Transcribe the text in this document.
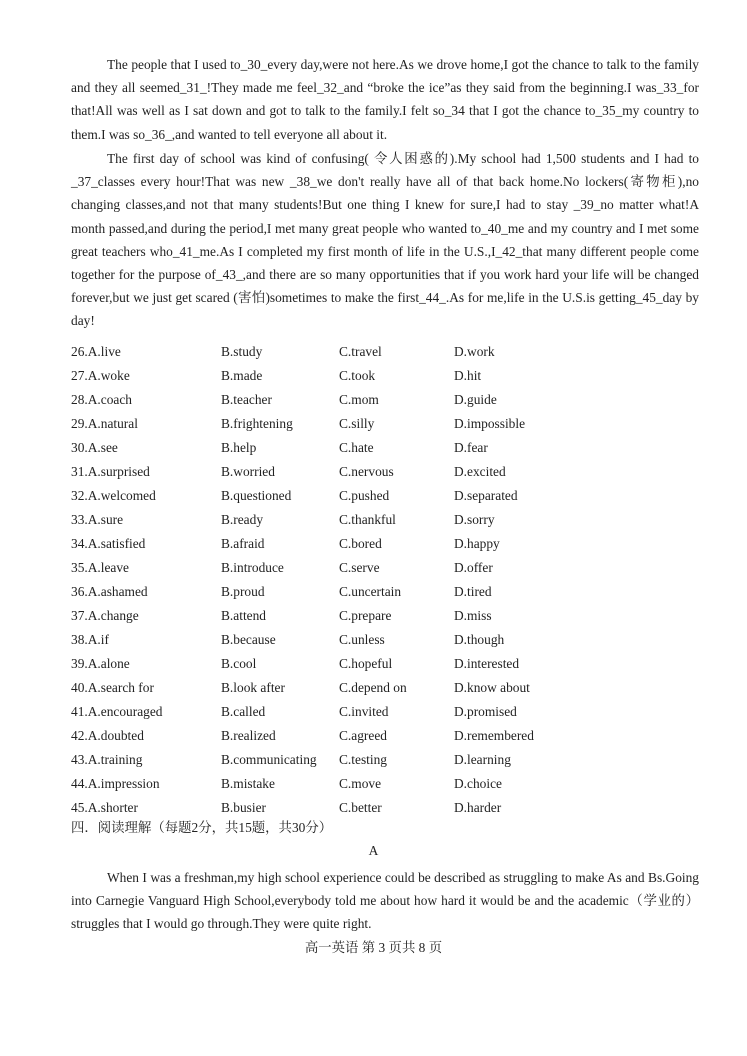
The people that I used to_30_every day,were not here.As we drove home,I got the chance to talk to the family and they all seemed_31_!They made me feel_32_and “broke the ice”as they said from the beginning.I was_33_for that!All was well as I sat down and got to talk to the family.I felt so_34 that I got the chance to_35_my country to them.I was so_36_,and wanted to tell everyone all about it.

The first day of school was kind of confusing( 令人困惑的).My school had 1,500 students and I had to _37_classes every hour!That was new _38_we don't really have all of that back home.No lockers(寄物柜),no changing classes,and not that many students!But one thing I knew for sure,I had to stay _39_no matter what!A month passed,and during the period,I met many great people who wanted to_40_me and my country and I met some great teachers who_41_me.As I completed my first month of life in the U.S.,I_42_that many different people come together for the purpose of_43_,and there are so many opportunities that if you work hard your life will be changed forever,but we just get scared (害怕)sometimes to make the first_44_.As for me,life in the U.S.is getting_45_day by day!

26.A.live	B.study	C.travel	D.work
27.A.woke	B.made	C.took	D.hit
28.A.coach	B.teacher	C.mom	D.guide
29.A.natural	B.frightening	C.silly	D.impossible
30.A.see	B.help	C.hate	D.fear
31.A.surprised	B.worried	C.nervous	D.excited
32.A.welcomed	B.questioned	C.pushed	D.separated
33.A.sure	B.ready	C.thankful	D.sorry
34.A.satisfied	B.afraid	C.bored	D.happy
35.A.leave	B.introduce	C.serve	D.offer
36.A.ashamed	B.proud	C.uncertain	D.tired
37.A.change	B.attend	C.prepare	D.miss
38.A.if	B.because	C.unless	D.though
39.A.alone	B.cool	C.hopeful	D.interested
40.A.search for	B.look after	C.depend on	D.know about
41.A.encouraged	B.called	C.invited	D.promised
42.A.doubted	B.realized	C.agreed	D.remembered
43.A.training	B.communicating C.testing	D.learning
44.A.impression	B.mistake	C.move	D.choice
45.A.shorter	B.busier	C.better	D.harder
四．阅读理解（每题2分，共15题，共30分）
A

When I was a freshman,my high school experience could be described as struggling to make As and Bs.Going into Carnegie Vanguard High School,everybody told me about how hard it would be and the academic（学业的）struggles that I would go through.They were quite right.

高一英语 第 3 页共 8 页
